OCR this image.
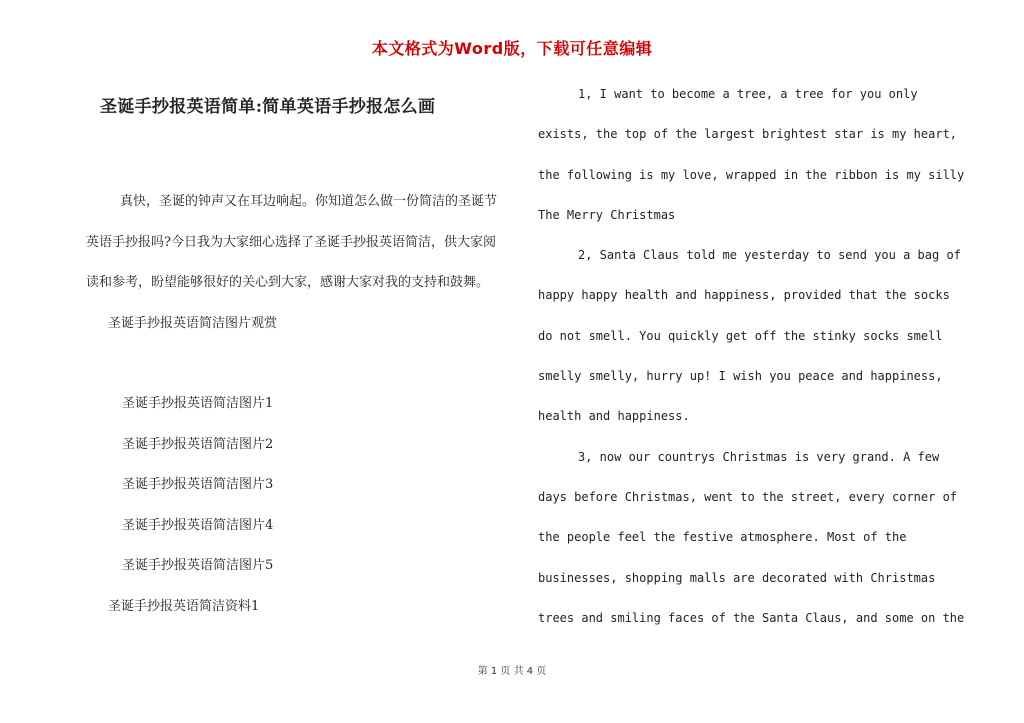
本文格式为Word版，下载可任意编辑
圣诞手抄报英语简单:简单英语手抄报怎么画

真快，圣诞的钟声又在耳边响起。你知道怎么做一份简洁的圣诞节英语手抄报吗?今日我为大家细心选择了圣诞手抄报英语简洁，供大家阅读和参考，盼望能够很好的关心到大家，感谢大家对我的支持和鼓舞。

圣诞手抄报英语简洁图片观赏

圣诞手抄报英语简洁图片1

圣诞手抄报英语简洁图片2

圣诞手抄报英语简洁图片3

圣诞手抄报英语简洁图片4

圣诞手抄报英语简洁图片5

圣诞手抄报英语简洁资料1

1, I want to become a tree, a tree for you only exists, the top of the largest brightest star is my heart, the following is my love, wrapped in the ribbon is my silly The Merry Christmas

2, Santa Claus told me yesterday to send you a bag of happy happy health and happiness, provided that the socks do not smell. You quickly get off the stinky socks smell smelly smelly, hurry up! I wish you peace and happiness, health and happiness.

3, now our countrys Christmas is very grand. A few days before Christmas, went to the street, every corner of the people feel the festive atmosphere. Most of the businesses, shopping malls are decorated with Christmas trees and smiling faces of the Santa Claus, and some on the

第 1 页 共 4 页
